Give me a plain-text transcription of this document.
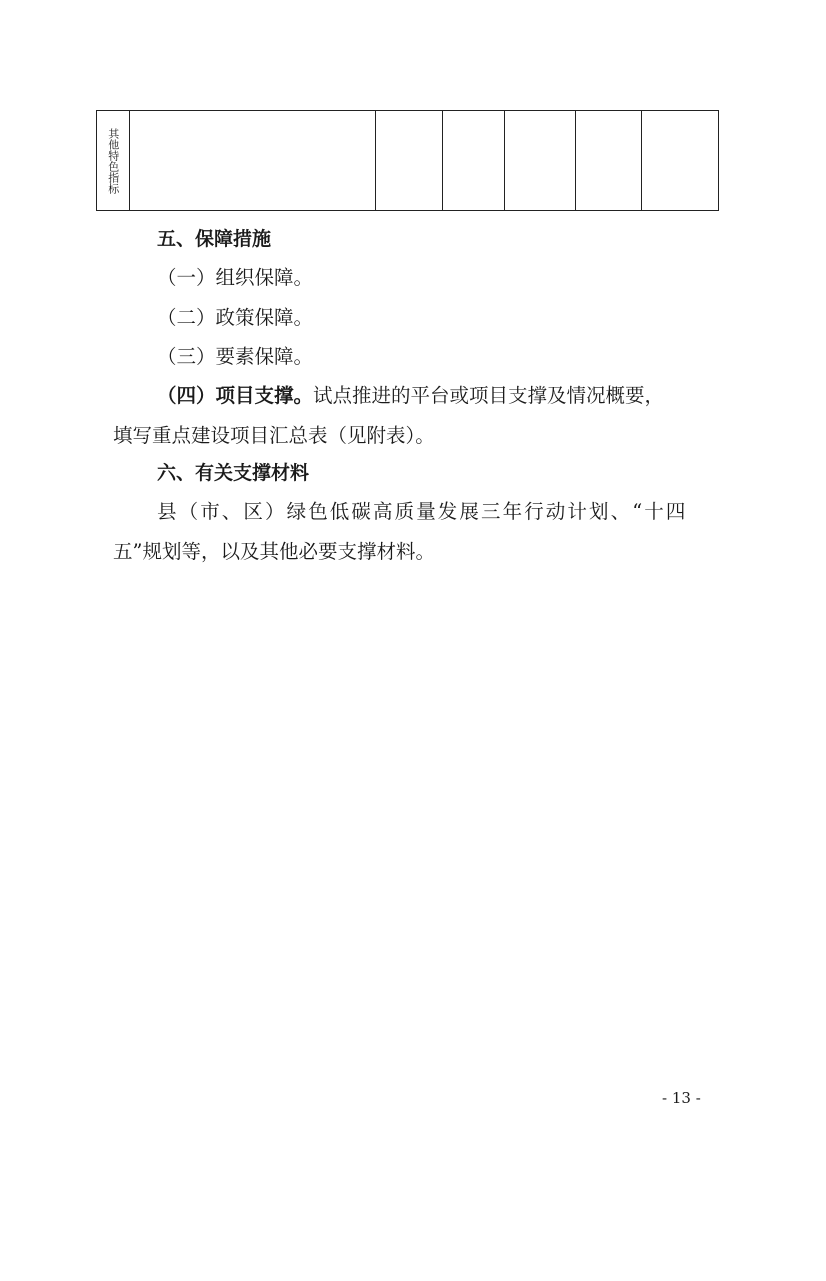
其他特色指标

五、保障措施
（一）组织保障。
（二）政策保障。
（三）要素保障。
（四）项目支撑。试点推进的平台或项目支撑及情况概要，
填写重点建设项目汇总表（见附表）。
六、有关支撑材料
县（市、区）绿色低碳高质量发展三年行动计划、“十四
五”规划等，以及其他必要支撑材料。
- 13 -
